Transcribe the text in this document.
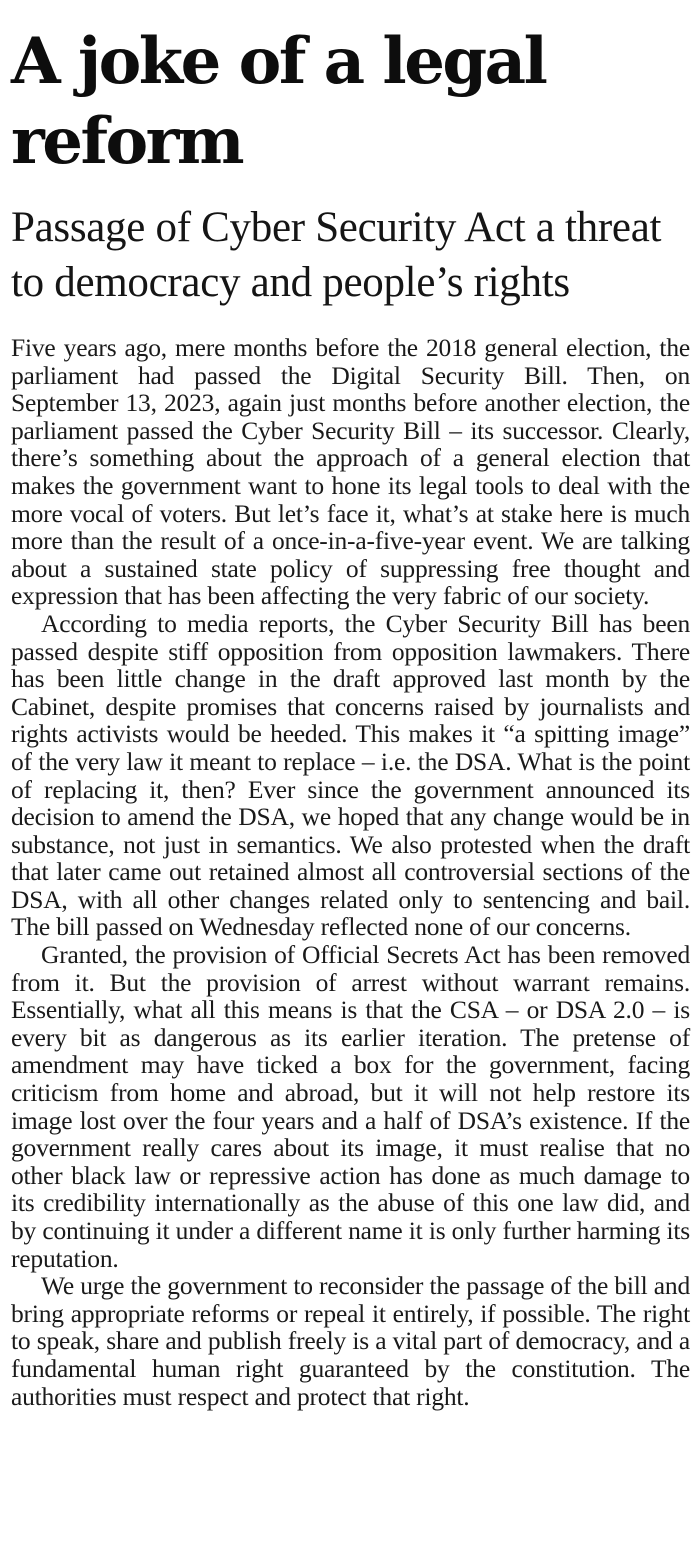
A joke of a legal reform
Passage of Cyber Security Act a threat to democracy and people’s rights

Five years ago, mere months before the 2018 general election, the parliament had passed the Digital Security Bill. Then, on September 13, 2023, again just months before another election, the parliament passed the Cyber Security Bill – its successor. Clearly, there’s something about the approach of a general election that makes the government want to hone its legal tools to deal with the more vocal of voters. But let’s face it, what’s at stake here is much more than the result of a once-in-a-five-year event. We are talking about a sustained state policy of suppressing free thought and expression that has been affecting the very fabric of our society.

According to media reports, the Cyber Security Bill has been passed despite stiff opposition from opposition lawmakers. There has been little change in the draft approved last month by the Cabinet, despite promises that concerns raised by journalists and rights activists would be heeded. This makes it “a spitting image” of the very law it meant to replace – i.e. the DSA. What is the point of replacing it, then? Ever since the government announced its decision to amend the DSA, we hoped that any change would be in substance, not just in semantics. We also protested when the draft that later came out retained almost all controversial sections of the DSA, with all other changes related only to sentencing and bail. The bill passed on Wednesday reflected none of our concerns.

Granted, the provision of Official Secrets Act has been removed from it. But the provision of arrest without warrant remains. Essentially, what all this means is that the CSA – or DSA 2.0 – is every bit as dangerous as its earlier iteration. The pretense of amendment may have ticked a box for the government, facing criticism from home and abroad, but it will not help restore its image lost over the four years and a half of DSA’s existence. If the government really cares about its image, it must realise that no other black law or repressive action has done as much damage to its credibility internationally as the abuse of this one law did, and by continuing it under a different name it is only further harming its reputation.

We urge the government to reconsider the passage of the bill and bring appropriate reforms or repeal it entirely, if possible. The right to speak, share and publish freely is a vital part of democracy, and a fundamental human right guaranteed by the constitution. The authorities must respect and protect that right.
